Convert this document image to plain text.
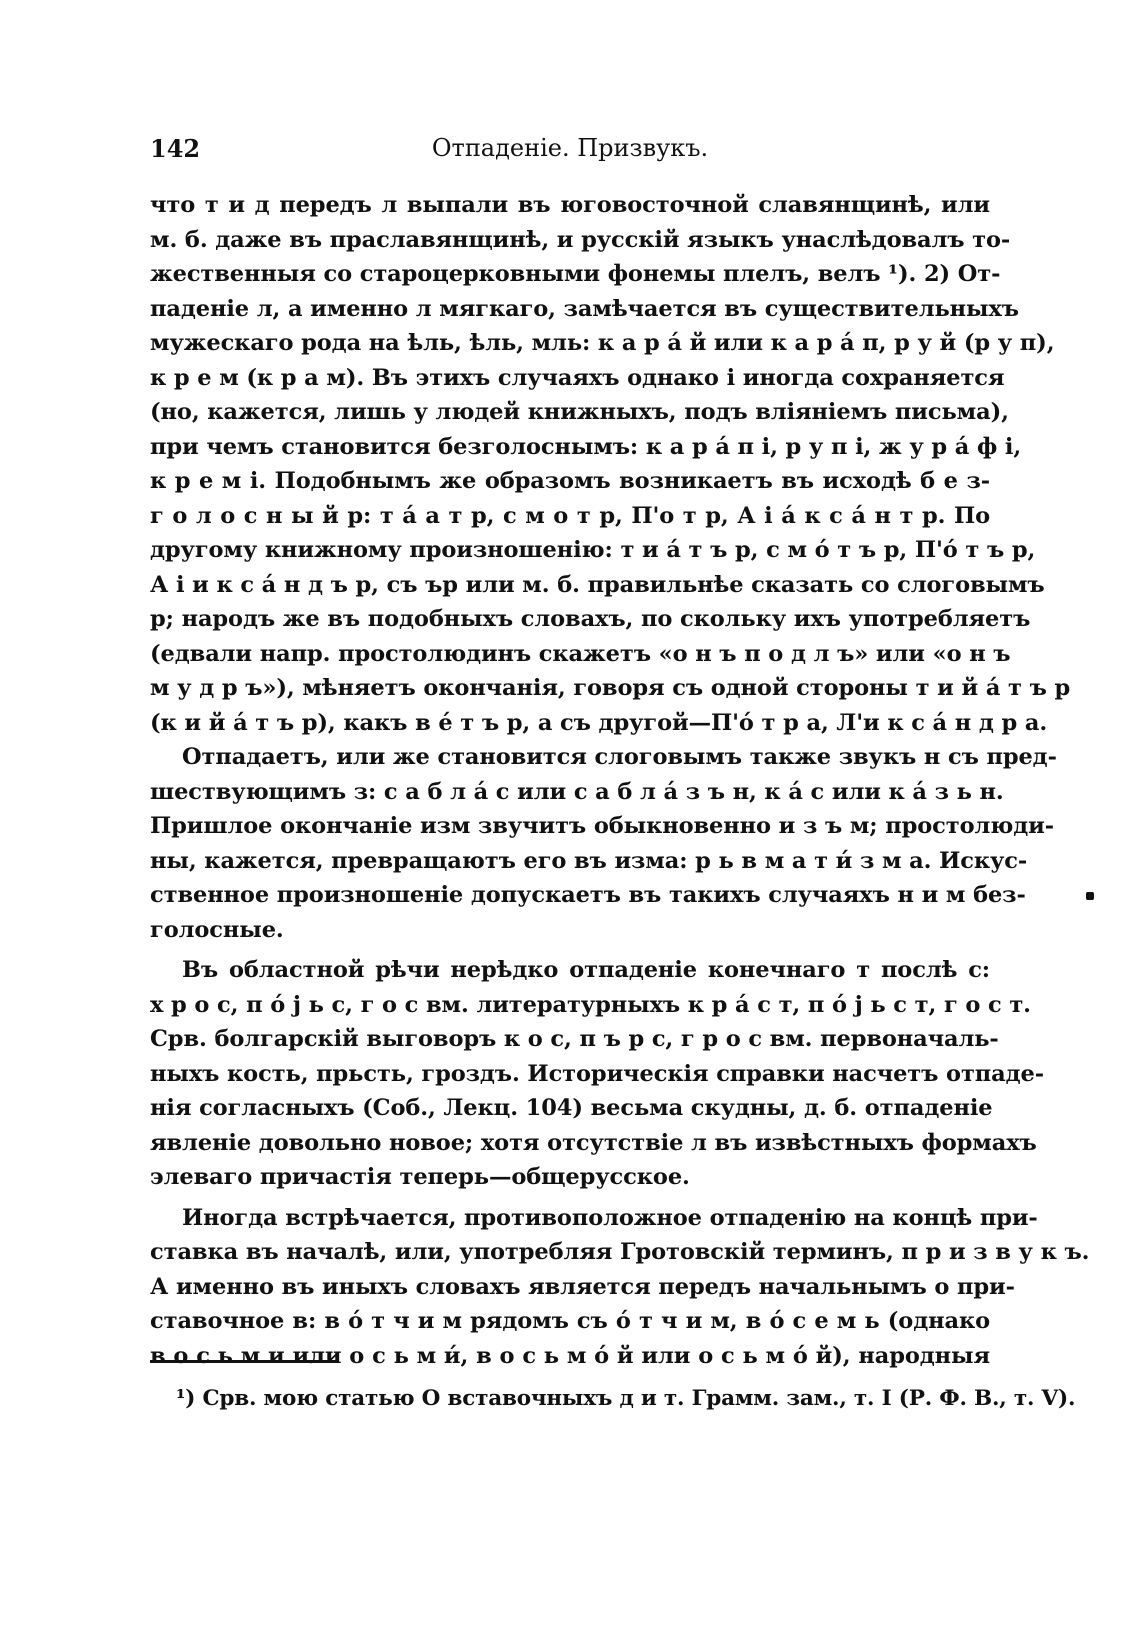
142	Отпаденіе. Призвукъ.
что т и д передъ л выпали въ юговосточной славянщинѣ, или
м. б. даже въ праславянщинѣ, и русскій языкъ унаслѣдовалъ то-
жественныя со староцерковными фонемы плелъ, велъ ¹). 2) От-
паденіе л, а именно л мягкаго, замѣчается въ существительныхъ
мужескаго рода на ѣль, ѣль, мль: к а р а́ й или к а р а́ п, р у й (р у п),
к р е м (к р а м). Въ этихъ случаяхъ однако і иногда сохраняется
(но, кажется, лишь у людей книжныхъ, подъ вліяніемъ письма),
при чемъ становится безголоснымъ: к а р а́ п і, р у п і, ж у р а́ ф і,
к р е м і. Подобнымъ же образомъ возникаетъ въ исходѣ б е з-
г о л о с н ы й р: т а́ а т р, с м о т р, П'о т р, А і а́ к с а́ н т р. По
другому книжному произношенію: т и а́ т ъ р, с м о́ т ъ р, П'о́ т ъ р,
А і и к с а́ н д ъ р, съ ър или м. б. правильнѣе сказать со слоговымъ
р; народъ же въ подобныхъ словахъ, по скольку ихъ употребляетъ
(едвали напр. простолюдинъ скажетъ «о н ъ п о д л ъ» или «о н ъ
м у д р ъ»), мѣняетъ окончанія, говоря съ одной стороны т и й а́ т ъ р
(к и й а́ т ъ р), какъ в е́ т ъ р, а съ другой—П'о́ т р а, Л'и к с а́ н д р а.
Отпадаетъ, или же становится слоговымъ также звукъ н съ пред-
шествующимъ з: с а б л а́ с или с а б л а́ з ъ н, к а́ с или к а́ з ь н.
Пришлое окончаніе изм звучитъ обыкновенно и з ъ м; простолюди-
ны, кажется, превращаютъ его въ изма: р ь в м а т и́ з м а. Искус-
ственное произношеніе допускаетъ въ такихъ случаяхъ н и м без-
голосные.
Въ областной рѣчи нерѣдко отпаденіе конечнаго т послѣ с:
х р о с, п о́ j ь с, г о с вм. литературныхъ к р а́ с т, п о́ j ь с т, г о с т.
Срв. болгарскій выговоръ к о с, п ъ р с, г р о с вм. первоначаль-
ныхъ кость, прьсть, гроздъ. Историческія справки насчетъ отпаде-
нія согласныхъ (Соб., Лекц. 104) весьма скудны, д. б. отпаденіе
явленіе довольно новое; хотя отсутствіе л въ извѣстныхъ формахъ
элеваго причастія теперь—общерусское.
Иногда встрѣчается, противоположное отпаденію на концѣ при-
ставка въ началѣ, или, употребляя Гротовскій терминъ, п р и з в у к ъ.
А именно въ иныхъ словахъ является передъ начальнымъ о при-
ставочное в: в о́ т ч и м рядомъ съ о́ т ч и м, в о́ с е м ь (однако
в о с ь м и или о с ь м и́, в о с ь м о́ й или о с ь м о́ й), народныя
¹) Срв. мою статью О вставочныхъ д и т. Грамм. зам., т. I (Р. Ф. В., т. V).
